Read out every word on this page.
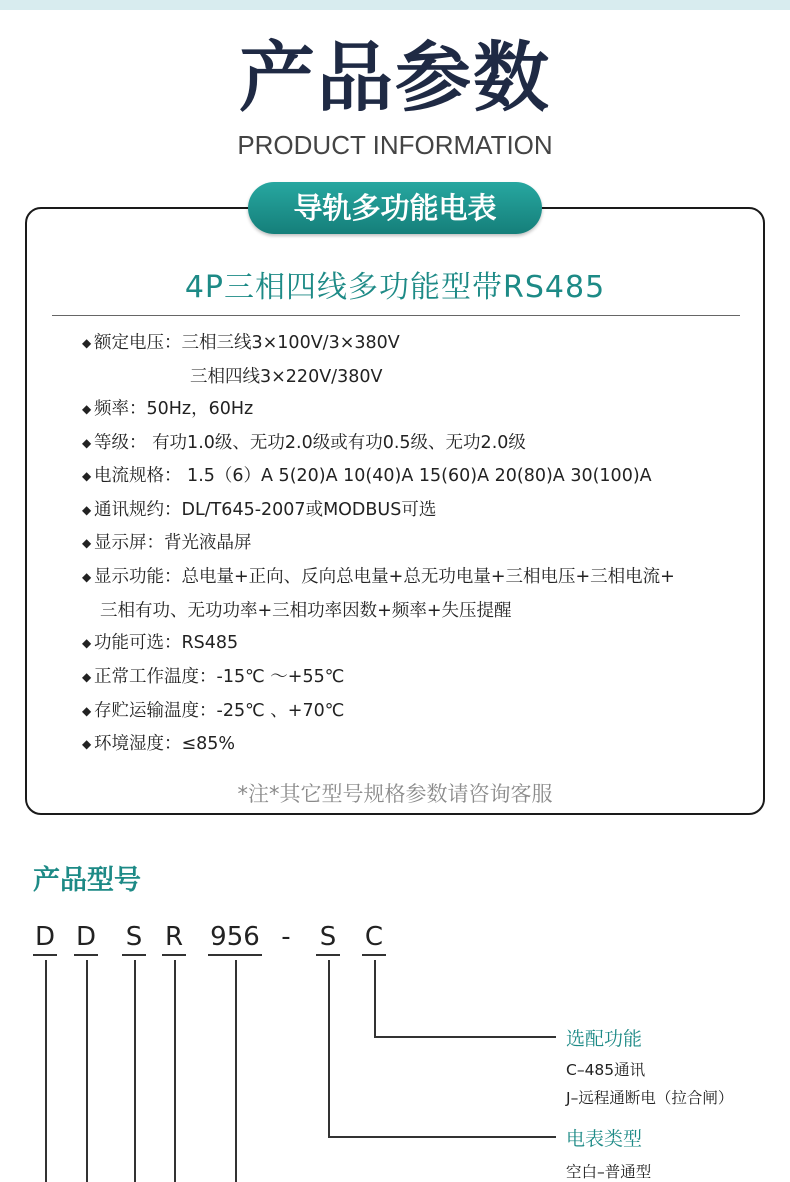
产品参数
PRODUCT INFORMATION
导轨多功能电表
4P三相四线多功能型带RS485
◆ 额定电压：三相三线3×100V/3×380V
三相四线3×220V/380V
◆ 频率：50Hz，60Hz
◆ 等级： 有功1.0级、无功2.0级或有功0.5级、无功2.0级
◆ 电流规格： 1.5（6）A 5(20)A 10(40)A 15(60)A 20(80)A 30(100)A
◆ 通讯规约：DL/T645-2007或MODBUS可选
◆ 显示屏：背光液晶屏
◆ 显示功能：总电量+正向、反向总电量+总无功电量+三相电压+三相电流+
三相有功、无功功率+三相功率因数+频率+失压提醒
◆ 功能可选：RS485
◆ 正常工作温度：-15℃ ～+55℃
◆ 存贮运输温度：-25℃ 、+70℃
◆ 环境湿度：≤85%
*注*其它型号规格参数请咨询客服
产品型号
D D S R 956 - S C
选配功能
C–485通讯
J–远程通断电（拉合闸）
电表类型
空白–普通型
